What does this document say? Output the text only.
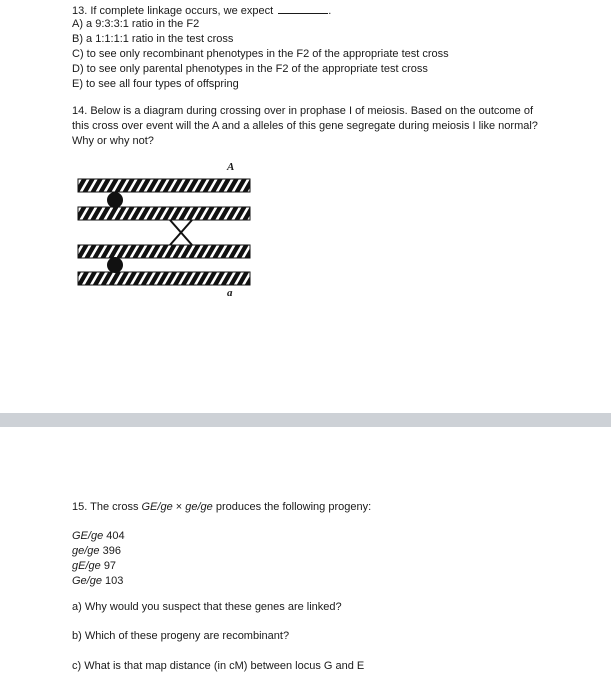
13. If complete linkage occurs, we expect	.
A) a 9:3:3:1 ratio in the F2
B) a 1:1:1:1 ratio in the test cross
C) to see only recombinant phenotypes in the F2 of the appropriate test cross
D) to see only parental phenotypes in the F2 of the appropriate test cross
E) to see all four types of offspring
14. Below is a diagram during crossing over in prophase I of meiosis. Based on the outcome of
this cross over event will the A and a alleles of this gene segregate during meiosis I like normal?
Why or why not?
A
a
15. The cross GE/ge × ge/ge produces the following progeny:
GE/ge 404
ge/ge 396
gE/ge 97
Ge/ge 103
a) Why would you suspect that these genes are linked?
b) Which of these progeny are recombinant?
c) What is that map distance (in cM) between locus G and E
